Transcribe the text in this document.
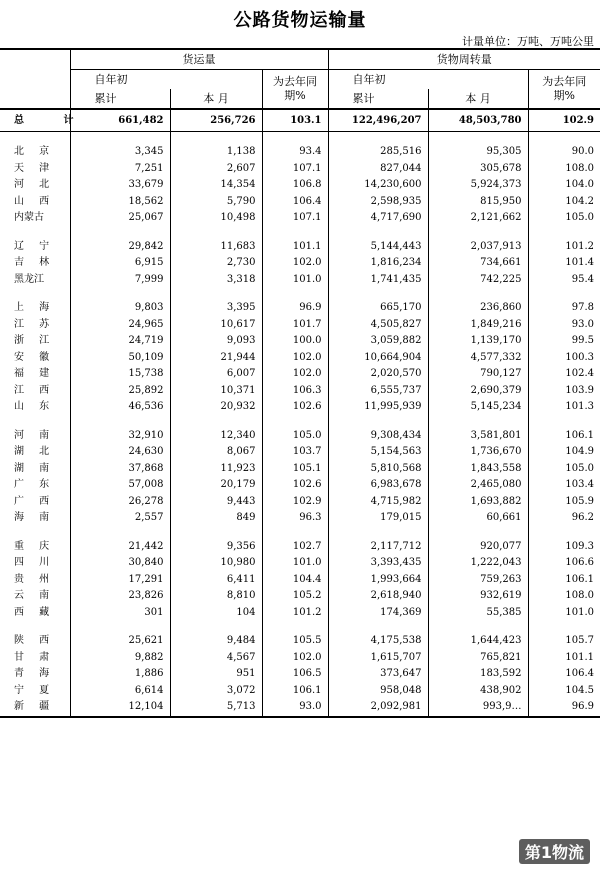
公路货物运输量
计量单位：万吨、万吨公里
	货运量			货物周转量		
	自年初		为去年同期%	自年初		为去年同期%
	累计	本 月		累计	本 月	
总 计	661,482	256,726	103.1	122,496,207	48,503,780	102.9

北 京	3,345	1,138	93.4	285,516	95,305	90.0
天 津	7,251	2,607	107.1	827,044	305,678	108.0
河 北	33,679	14,354	106.8	14,230,600	5,924,373	104.0
山 西	18,562	5,790	106.4	2,598,935	815,950	104.2
内蒙古	25,067	10,498	107.1	4,717,690	2,121,662	105.0

辽 宁	29,842	11,683	101.1	5,144,443	2,037,913	101.2
吉 林	6,915	2,730	102.0	1,816,234	734,661	101.4
黑龙江	7,999	3,318	101.0	1,741,435	742,225	95.4

上 海	9,803	3,395	96.9	665,170	236,860	97.8
江 苏	24,965	10,617	101.7	4,505,827	1,849,216	93.0
浙 江	24,719	9,093	100.0	3,059,882	1,139,170	99.5
安 徽	50,109	21,944	102.0	10,664,904	4,577,332	100.3
福 建	15,738	6,007	102.0	2,020,570	790,127	102.4
江 西	25,892	10,371	106.3	6,555,737	2,690,379	103.9
山 东	46,536	20,932	102.6	11,995,939	5,145,234	101.3

河 南	32,910	12,340	105.0	9,308,434	3,581,801	106.1
湖 北	24,630	8,067	103.7	5,154,563	1,736,670	104.9
湖 南	37,868	11,923	105.1	5,810,568	1,843,558	105.0
广 东	57,008	20,179	102.6	6,983,678	2,465,080	103.4
广 西	26,278	9,443	102.9	4,715,982	1,693,882	105.9
海 南	2,557	849	96.3	179,015	60,661	96.2

重 庆	21,442	9,356	102.7	2,117,712	920,077	109.3
四 川	30,840	10,980	101.0	3,393,435	1,222,043	106.6
贵 州	17,291	6,411	104.4	1,993,664	759,263	106.1
云 南	23,826	8,810	105.2	2,618,940	932,619	108.0
西 藏	301	104	101.2	174,369	55,385	101.0

陕 西	25,621	9,484	105.5	4,175,538	1,644,423	105.7
甘 肃	9,882	4,567	102.0	1,615,707	765,821	101.1
青 海	1,886	951	106.5	373,647	183,592	106.4
宁 夏	6,614	3,072	106.1	958,048	438,902	104.5
新 疆	12,104	5,713	93.0	2,092,981	993,9…	96.9
第1物流
